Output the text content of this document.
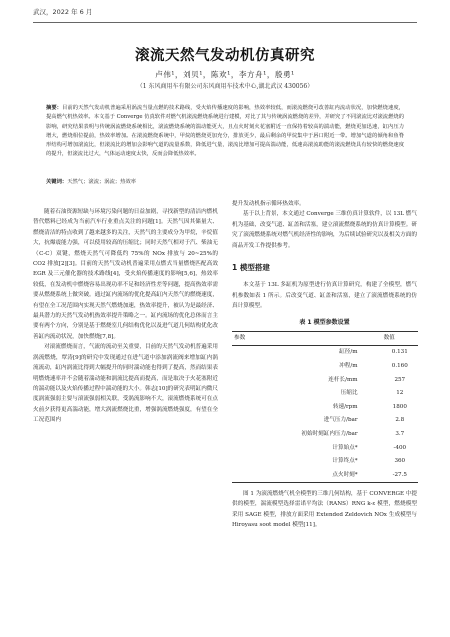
武汉，2022 年 6 月
滚流天然气发动机仿真研究
卢伟¹，刘贝¹，陈欢¹，李方舟¹，殷勇¹
（1 东风商用车有限公司东风商用车技术中心,湖北武汉 430056）
摘要：目前的天然气发动机普遍采用涡流当量点燃的技术路线，受火焰传播速度的影响，热效率较低，而滚流燃烧可改善缸内流动状况，加快燃烧速度，提高燃气机热效率。本文基于 Converge 仿真软件对燃气机滚流燃烧系统进行建模，对比了其与传统涡流燃烧的差异，并研究了不同滚流比对滚流燃烧的影响，研究结果表明与传统涡流燃烧系统相比，滚流燃烧系统的湍动能更大，且点火时刻火花塞附近一直保持着较高的湍动能，燃烧更加迅速，缸内压力增大，燃烧相位提前，热效率增加。在滚流燃烧系统中，甲烷的燃烧更加充分，排放更少，最后剩余的甲烷集中于唇口附近一带。增加气道的倾角和鱼脊形结构可增加滚流比，但滚流比的增加会影响气道的流量系数，降低进气量，滚流比增加可提高湍动能，低速高滚流助能的滚流燃烧具有较快的燃烧速度的提升，但滚流比过大，气体运动速度太快，反而会降低热效率。
关键词：天然气；滚流；涡流；热效率

随着石油资源短缺与环境污染问题的日益加剧，寻找新型的清洁内燃机替代燃料已经成为当前汽车行业重点关注的问题[1]。天然气因其储量大、燃烧清洁的特点收到了越来越多的关注，天然气的主要成分为甲烷，辛烷值大，抗爆震能力强，可以使用较高的压缩比；同时天然气相对于汽、柴油无（C-C）双键，燃烧天然气可降低约 75%的 NOx 排放与 20~25%的 CO2 排放[2][3]。目前的天然气发动机普遍采用点燃式当量燃烧匹配高效 EGR 及三元催化器的技术路线[4]，受火焰传播速度的影响[5,6]，热效率较低，在发动机中燃烧容易出现功率不足和经济性差等问题，提高热效率需要从燃烧系统上做突破。通过缸内流场的优化提高缸内天然气的燃烧速度，有望在全工况范围内实现天然气燃烧加速，热效率提升，被认为是最经济、最具潜力的天然气发动机热效率提升策略之一。缸内流场的优化总体而言主要有两个方向，分别是基于燃烧室几何结构优化以及进气道几何结构优化改善缸内流动状况，加快燃烧[7,8]。

对滚流燃烧而言，气流的流动至关重要，目前的天然气发动机普遍采用涡流燃烧，覃涛[9]的研究中发现通过在进气道中添加涡流阀来增加缸内涡流流动，缸内涡流比得到大幅提升的同时湍动能也得到了提高，然而结果表明燃烧速率并不会随着湍动能和涡流比提高而提高，而是取决于火花塞附近的湍动能以及火焰传播过程中湍动能的大小。韩志[10]的研究表明缸内微尺度涡流强弱主要与滚流强弱相关联，受涡流影响不大，滚流燃烧系统可在点火前夕获得更高湍动能，增大涡流燃烧比重，增强涡流燃烧强度，有望在全工况范围内

提升发动机指示循环热效率。

基于以上背景，本文通过 Converge 三维仿真计算软件，以 13L 燃气机为基础，改变气道、缸盖和活塞，建立滚流燃烧系统的仿真计算模型。研究了滚流燃烧系统对燃气机经济性的影响，为后续试验研究以及相关方面的商品开发工作提供参考。

1 模型搭建

本文基于 13L 多缸机为原型进行仿真计算研究，构建了全模型，燃气机参数如表 1 所示。后改变气道、缸盖和活塞，建立了滚流燃烧系统的仿真计算模型。

表 1 模型参数设置
参数	数值
缸径/m	0.131
冲程/m	0.160
连杆长/mm	257
压缩比	12
转速/rpm	1800
进气压力/bar	2.8
初始时刻缸内压力/bar	3.7
计算始点*	-400
计算终点*	360
点火时刻*	-27.5

图 1 为滚流燃烧气机全模型的三维几何结构，基于 CONVERGE 中提供的模型，湍流模型选择雷诺平均法（RANS）RNG k-ε 模型，燃烧模型采用 SAGE 模型，排放方面采用 Extended Zeldovich NOx 生成模型与 Hiroyasu soot model 模型[11]。
